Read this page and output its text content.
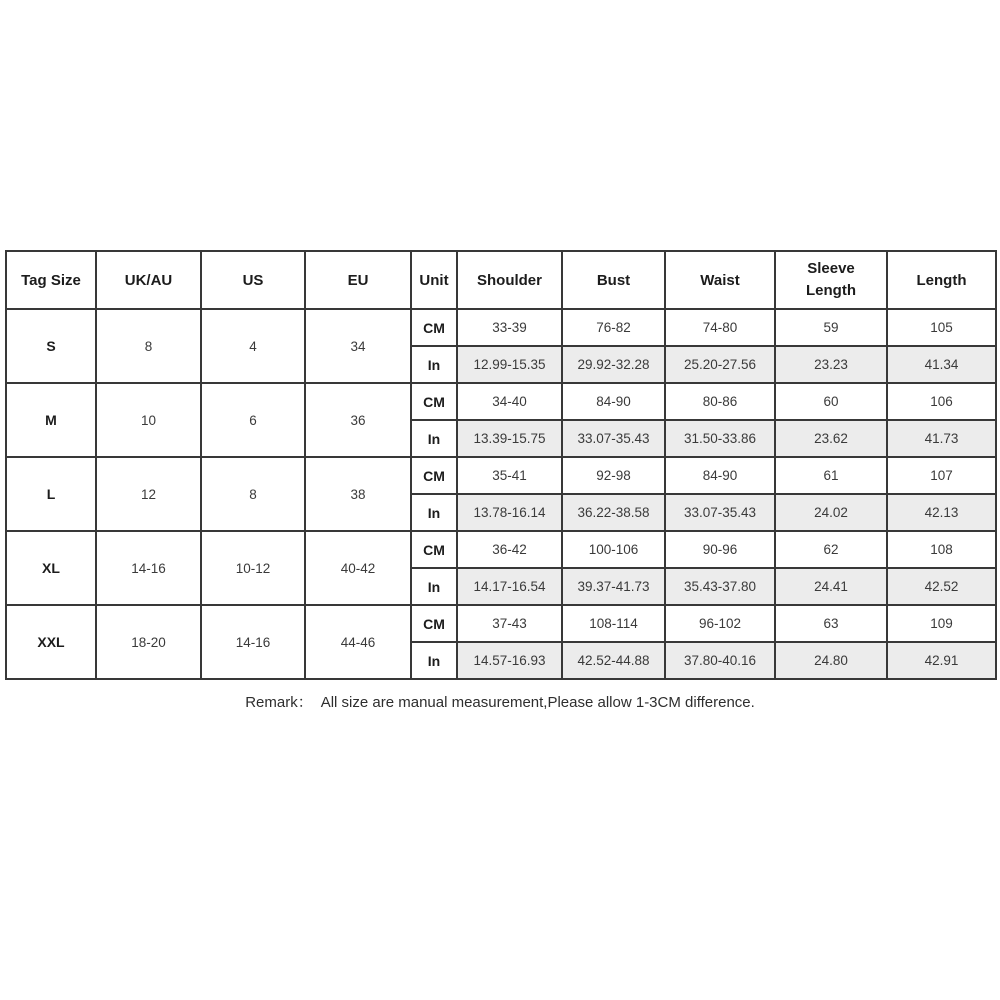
Tag Size	UK/AU	US	EU	Unit	Shoulder	Bust	Waist	Sleeve Length	Length
S	8	4	34	CM	33-39	76-82	74-80	59	105
				In	12.99-15.35	29.92-32.28	25.20-27.56	23.23	41.34
M	10	6	36	CM	34-40	84-90	80-86	60	106
				In	13.39-15.75	33.07-35.43	31.50-33.86	23.62	41.73
L	12	8	38	CM	35-41	92-98	84-90	61	107
				In	13.78-16.14	36.22-38.58	33.07-35.43	24.02	42.13
XL	14-16	10-12	40-42	CM	36-42	100-106	90-96	62	108
				In	14.17-16.54	39.37-41.73	35.43-37.80	24.41	42.52
XXL	18-20	14-16	44-46	CM	37-43	108-114	96-102	63	109
				In	14.57-16.93	42.52-44.88	37.80-40.16	24.80	42.91
Remark： All size are manual measurement,Please allow 1-3CM difference.
